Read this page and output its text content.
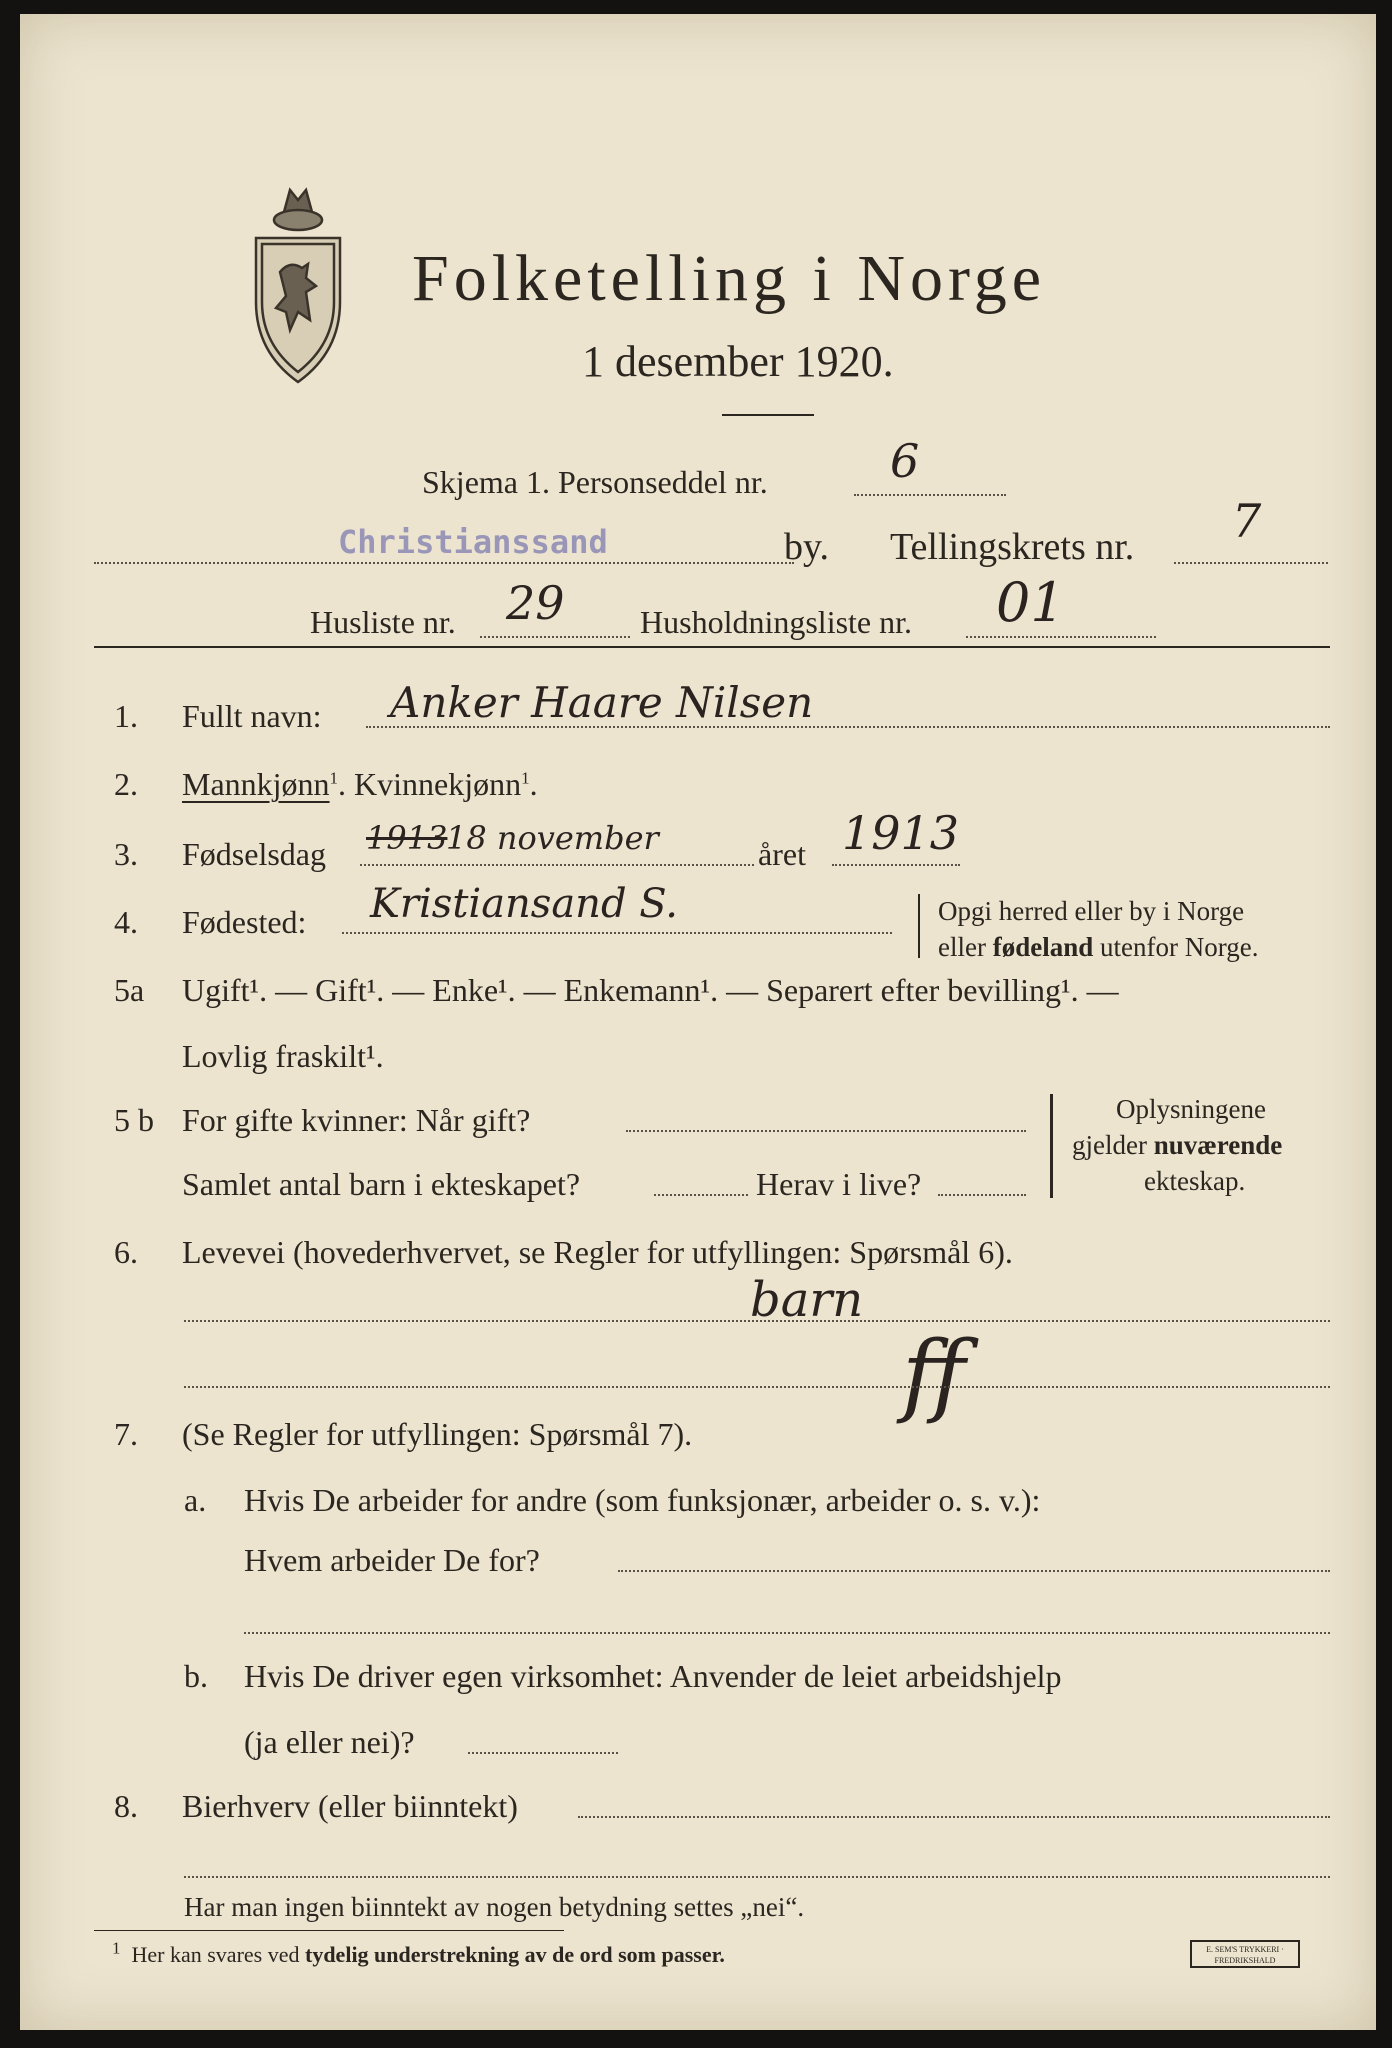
Folketelling i Norge
1 desember 1920.
Skjema 1. Personseddel nr.	6
Christianssand	by. Tellingskrets nr. 7
Husliste nr. 29 Husholdningsliste nr. 01
1. Fullt navn: Anker Haare Nilsen
2. Mannkjønn$^1$. Kvinnekjønn$^1$.
3. Fødselsdag 1913
18 november	året 1913
4. Fødested: Kristiansand S.	Opgi herred eller by i Norge
eller fødeland utenfor Norge.
5a Ugift¹. — Gift¹. — Enke¹. — Enkemann¹. — Separert efter bevilling¹. —
Lovlig fraskilt¹.
5 b For gifte kvinner: Når gift?
Samlet antal barn i ekteskapet?	Herav i live?
Oplysningene
gjelder nuværende
ekteskap.
6. Levevei (hovederhvervet, se Regler for utfyllingen: Spørsmål 6).
barn
ff
7. (Se Regler for utfyllingen: Spørsmål 7).
a. Hvis De arbeider for andre (som funksjonær, arbeider o. s. v.):
Hvem arbeider De for?
b. Hvis De driver egen virksomhet: Anvender de leiet arbeidshjelp
(ja eller nei)?
8. Bierhverv (eller biinntekt)
Har man ingen biinntekt av nogen betydning settes „nei“.
$^1$ Her kan svares ved tydelig understrekning av de ord som passer.	E. SEM'S TRYKKERI · FREDRIKSHALD
